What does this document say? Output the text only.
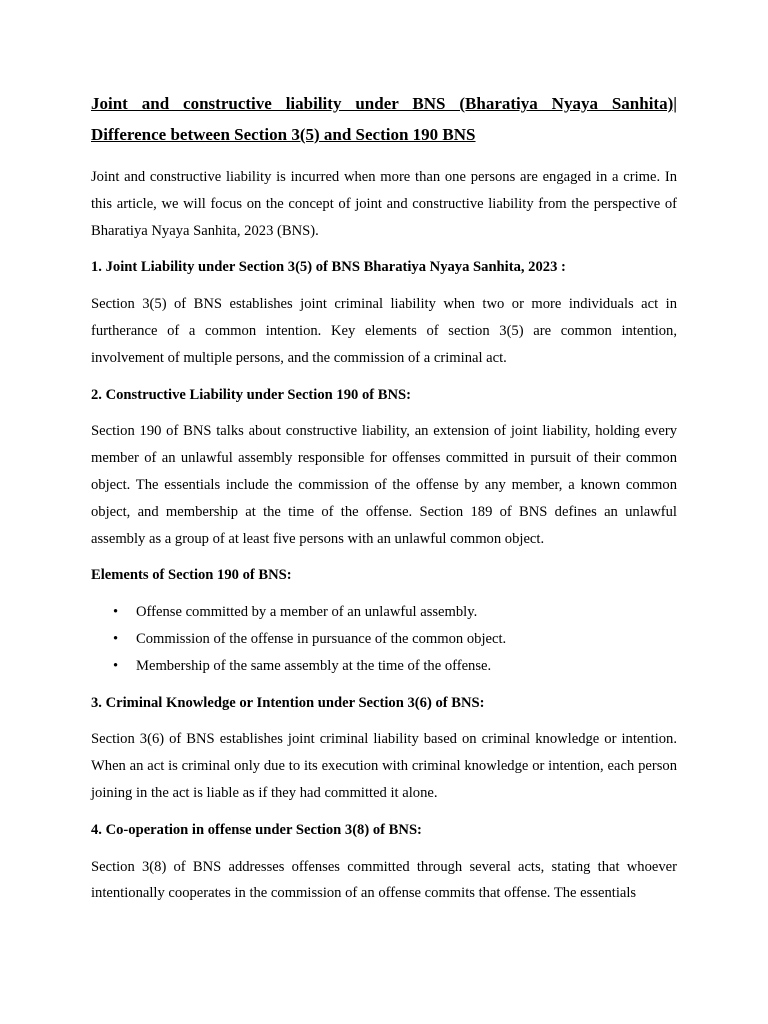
Joint and constructive liability under BNS (Bharatiya Nyaya Sanhita)| Difference between Section 3(5) and Section 190 BNS

Joint and constructive liability is incurred when more than one persons are engaged in a crime. In this article, we will focus on the concept of joint and constructive liability from the perspective of Bharatiya Nyaya Sanhita, 2023 (BNS).

1. Joint Liability under Section 3(5) of BNS Bharatiya Nyaya Sanhita, 2023 :

Section 3(5) of BNS establishes joint criminal liability when two or more individuals act in furtherance of a common intention. Key elements of section 3(5) are common intention, involvement of multiple persons, and the commission of a criminal act.

2. Constructive Liability under Section 190 of BNS:

Section 190 of BNS talks about constructive liability, an extension of joint liability, holding every member of an unlawful assembly responsible for offenses committed in pursuit of their common object. The essentials include the commission of the offense by any member, a known common object, and membership at the time of the offense. Section 189 of BNS defines an unlawful assembly as a group of at least five persons with an unlawful common object.

Elements of Section 190 of BNS:
• Offense committed by a member of an unlawful assembly.
• Commission of the offense in pursuance of the common object.
• Membership of the same assembly at the time of the offense.
3. Criminal Knowledge or Intention under Section 3(6) of BNS:

Section 3(6) of BNS establishes joint criminal liability based on criminal knowledge or intention. When an act is criminal only due to its execution with criminal knowledge or intention, each person joining in the act is liable as if they had committed it alone.

4. Co-operation in offense under Section 3(8) of BNS:

Section 3(8) of BNS addresses offenses committed through several acts, stating that whoever intentionally cooperates in the commission of an offense commits that offense. The essentials
